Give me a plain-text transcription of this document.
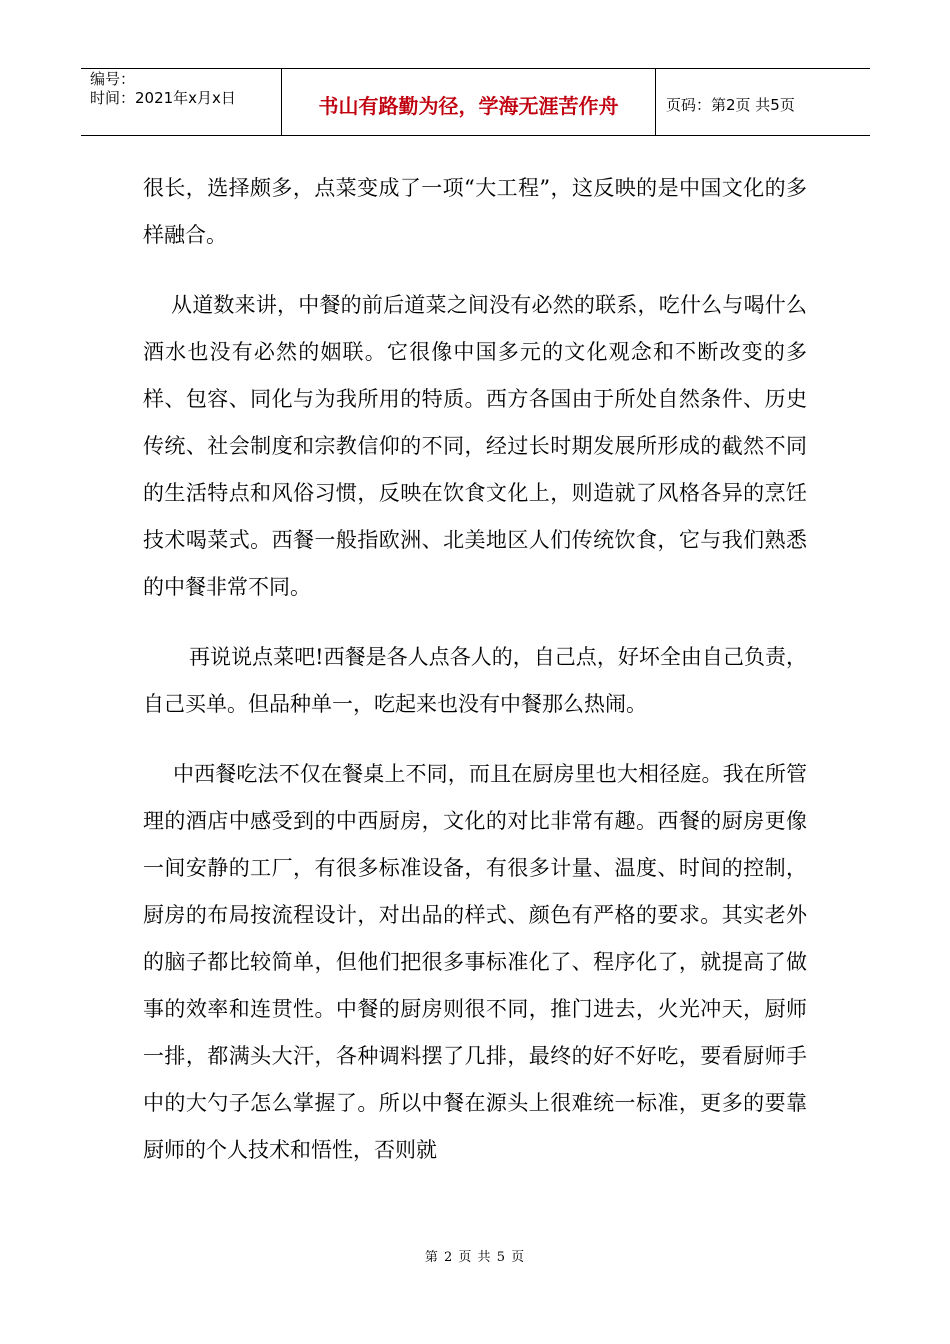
编号：
时间：2021年x月x日	书山有路勤为径，学海无涯苦作舟	页码：第2页 共5页

很长，选择颇多，点菜变成了一项“大工程”，这反映的是中国文化的多样融合。

从道数来讲，中餐的前后道菜之间没有必然的联系，吃什么与喝什么酒水也没有必然的姻联。它很像中国多元的文化观念和不断改变的多样、包容、同化与为我所用的特质。西方各国由于所处自然条件、历史传统、社会制度和宗教信仰的不同，经过长时期发展所形成的截然不同的生活特点和风俗习惯，反映在饮食文化上，则造就了风格各异的烹饪技术喝菜式。西餐一般指欧洲、北美地区人们传统饮食，它与我们熟悉的中餐非常不同。

再说说点菜吧!西餐是各人点各人的，自己点，好坏全由自己负责，自己买单。但品种单一，吃起来也没有中餐那么热闹。

中西餐吃法不仅在餐桌上不同，而且在厨房里也大相径庭。我在所管理的酒店中感受到的中西厨房，文化的对比非常有趣。西餐的厨房更像一间安静的工厂，有很多标准设备，有很多计量、温度、时间的控制，厨房的布局按流程设计，对出品的样式、颜色有严格的要求。其实老外的脑子都比较简单，但他们把很多事标准化了、程序化了，就提高了做事的效率和连贯性。中餐的厨房则很不同，推门进去，火光冲天，厨师一排，都满头大汗，各种调料摆了几排，最终的好不好吃，要看厨师手中的大勺子怎么掌握了。所以中餐在源头上很难统一标准，更多的要靠厨师的个人技术和悟性，否则就

第 2 页 共 5 页
